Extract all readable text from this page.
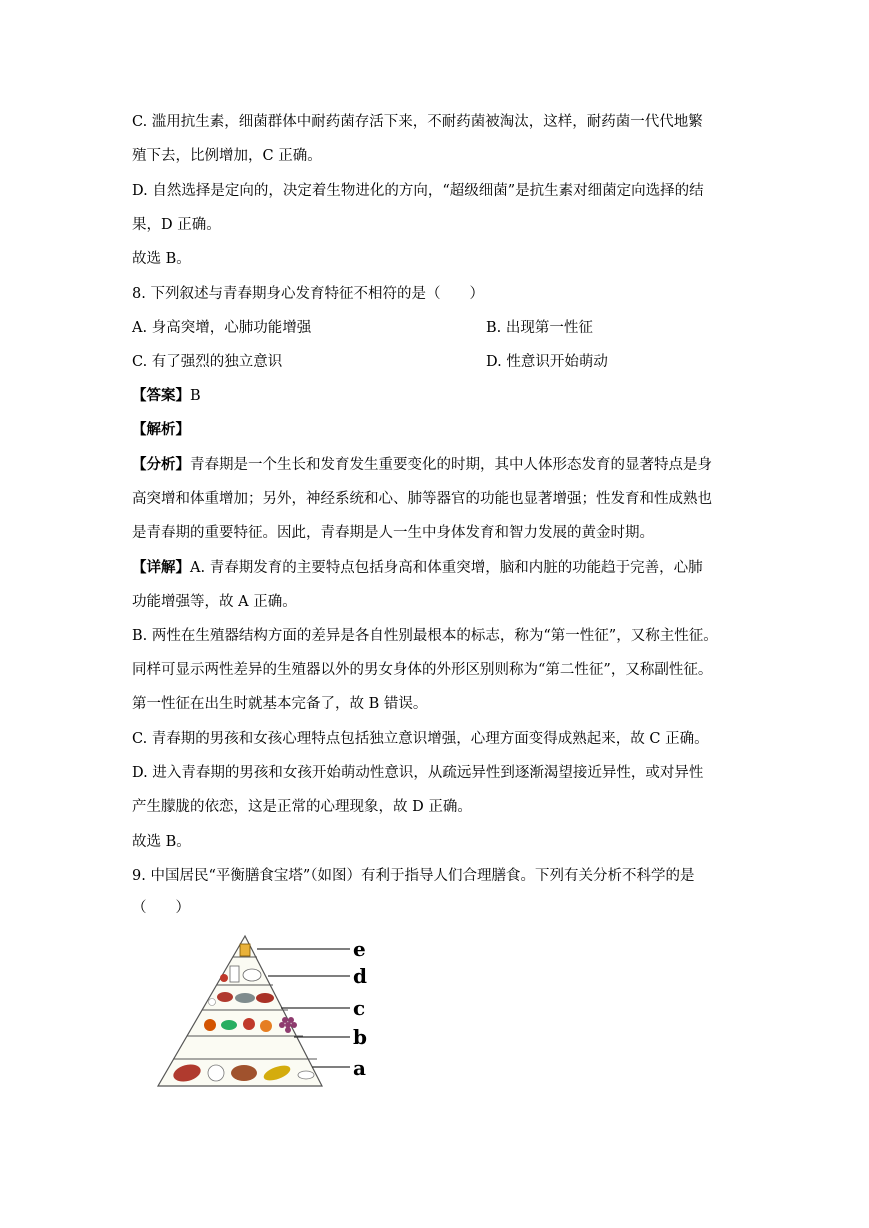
C. 滥用抗生素，细菌群体中耐药菌存活下来，不耐药菌被淘汰，这样，耐药菌一代代地繁
殖下去，比例增加，C 正确。
D. 自然选择是定向的，决定着生物进化的方向，“超级细菌”是抗生素对细菌定向选择的结
果，D 正确。
故选 B。
8. 下列叙述与青春期身心发育特征不相符的是（　　）
A. 身高突增，心肺功能增强	B. 出现第一性征
C. 有了强烈的独立意识	D. 性意识开始萌动
【答案】B
【解析】
【分析】青春期是一个生长和发育发生重要变化的时期，其中人体形态发育的显著特点是身
高突增和体重增加；另外，神经系统和心、肺等器官的功能也显著增强；性发育和性成熟也
是青春期的重要特征。因此，青春期是人一生中身体发育和智力发展的黄金时期。
【详解】A. 青春期发育的主要特点包括身高和体重突增，脑和内脏的功能趋于完善，心肺
功能增强等，故 A 正确。
B. 两性在生殖器结构方面的差异是各自性别最根本的标志，称为“第一性征”，又称主性征。
同样可显示两性差异的生殖器以外的男女身体的外形区别则称为“第二性征”，又称副性征。
第一性征在出生时就基本完备了，故 B 错误。
C. 青春期的男孩和女孩心理特点包括独立意识增强，心理方面变得成熟起来，故 C 正确。
D. 进入青春期的男孩和女孩开始萌动性意识，从疏远异性到逐渐渴望接近异性，或对异性
产生朦胧的依恋，这是正常的心理现象，故 D 正确。
故选 B。
9. 中国居民“平衡膳食宝塔”（如图）有利于指导人们合理膳食。下列有关分析不科学的是
（　　）
e
d
c
b
a
